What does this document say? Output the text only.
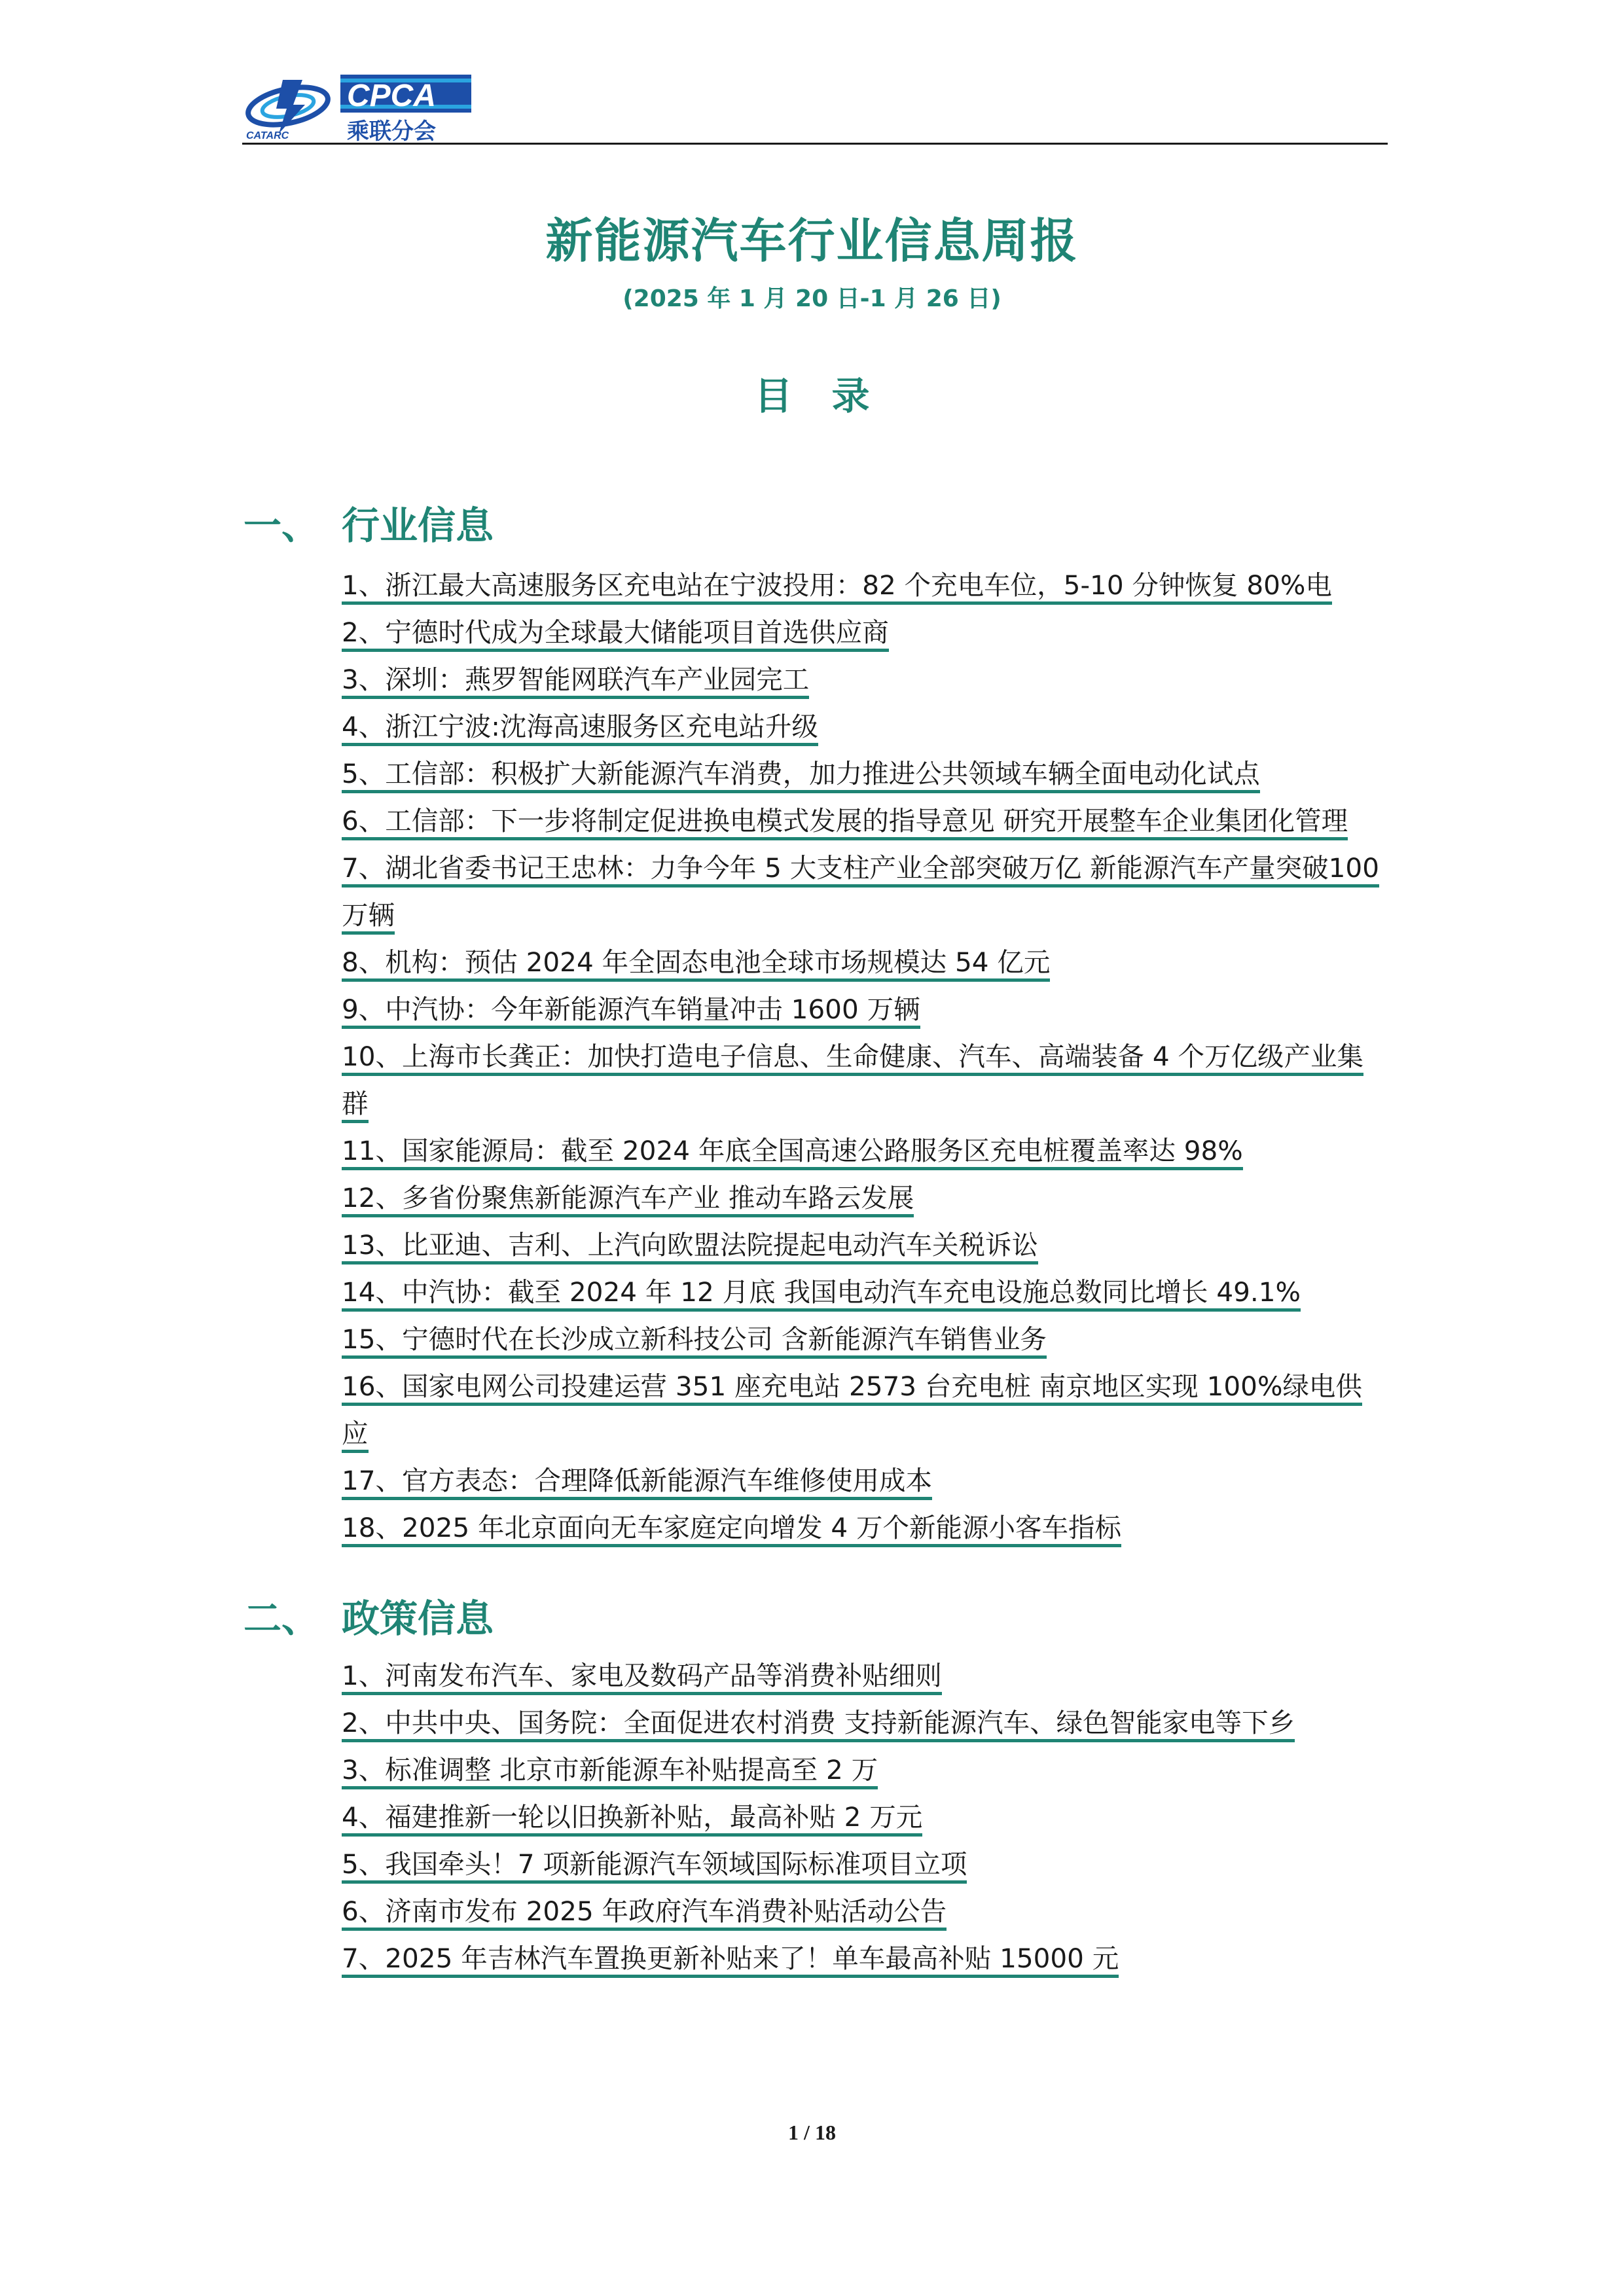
CATARC
CPCA
乘联分会
新能源汽车行业信息周报
(2025 年 1 月 20 日-1 月 26 日)
目录
一、 行业信息
1、浙江最大高速服务区充电站在宁波投用：82 个充电车位，5-10 分钟恢复 80%电
2、宁德时代成为全球最大储能项目首选供应商
3、深圳：燕罗智能网联汽车产业园完工
4、浙江宁波:沈海高速服务区充电站升级
5、工信部：积极扩大新能源汽车消费，加力推进公共领域车辆全面电动化试点
6、工信部：下一步将制定促进换电模式发展的指导意见 研究开展整车企业集团化管理
7、湖北省委书记王忠林：力争今年 5 大支柱产业全部突破万亿 新能源汽车产量突破100 万辆
8、机构：预估 2024 年全固态电池全球市场规模达 54 亿元
9、中汽协：今年新能源汽车销量冲击 1600 万辆
10、上海市长龚正：加快打造电子信息、生命健康、汽车、高端装备 4 个万亿级产业集群
11、国家能源局：截至 2024 年底全国高速公路服务区充电桩覆盖率达 98%
12、多省份聚焦新能源汽车产业 推动车路云发展
13、比亚迪、吉利、上汽向欧盟法院提起电动汽车关税诉讼
14、中汽协：截至 2024 年 12 月底 我国电动汽车充电设施总数同比增长 49.1%
15、宁德时代在长沙成立新科技公司 含新能源汽车销售业务
16、国家电网公司投建运营 351 座充电站 2573 台充电桩 南京地区实现 100%绿电供应
17、官方表态：合理降低新能源汽车维修使用成本
18、2025 年北京面向无车家庭定向增发 4 万个新能源小客车指标
二、 政策信息
1、河南发布汽车、家电及数码产品等消费补贴细则
2、中共中央、国务院：全面促进农村消费 支持新能源汽车、绿色智能家电等下乡
3、标准调整 北京市新能源车补贴提高至 2 万
4、福建推新一轮以旧换新补贴，最高补贴 2 万元
5、我国牵头！7 项新能源汽车领域国际标准项目立项
6、济南市发布 2025 年政府汽车消费补贴活动公告
7、2025 年吉林汽车置换更新补贴来了！单车最高补贴 15000 元
1 / 18
